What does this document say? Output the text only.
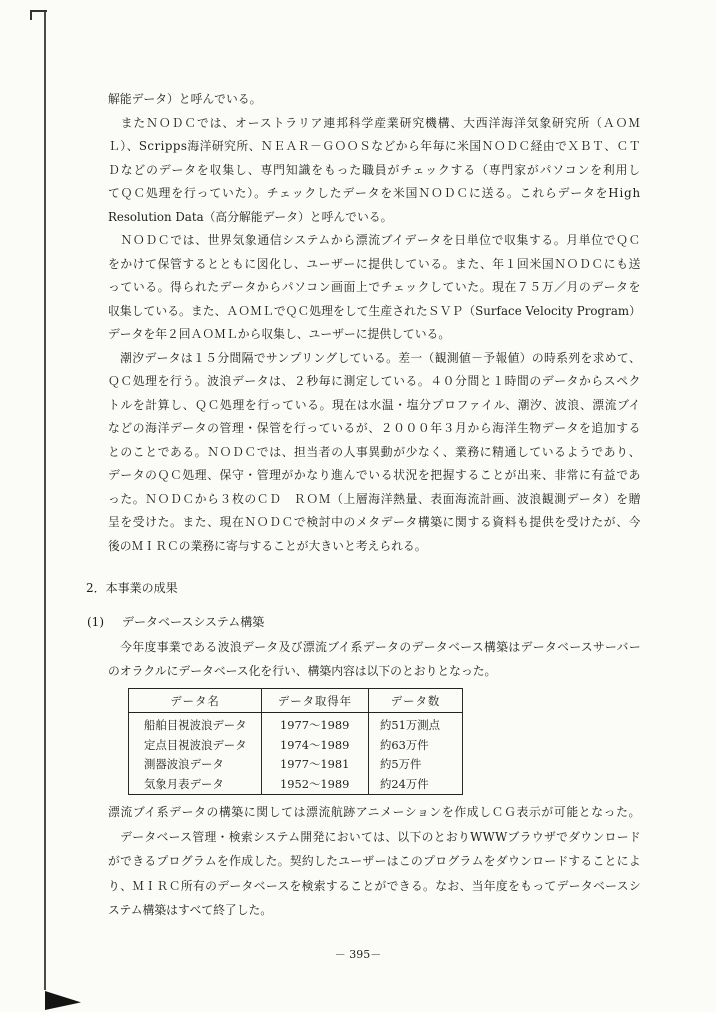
解能データ）と呼んでいる。
　またＮＯＤＣでは、オーストラリア連邦科学産業研究機構、大西洋海洋気象研究所（ＡＯＭ
Ｌ）、Scripps海洋研究所、ＮＥＡＲ－ＧＯＯＳなどから年毎に米国ＮＯＤＣ経由でＸＢＴ、ＣＴ
Ｄなどのデータを収集し、専門知識をもった職員がチェックする（専門家がパソコンを利用し
てＱＣ処理を行っていた）。チェックしたデータを米国ＮＯＤＣに送る。これらデータをHigh
Resolution Data（高分解能データ）と呼んでいる。
　ＮＯＤＣでは、世界気象通信システムから漂流ブイデータを日単位で収集する。月単位でＱＣ
をかけて保管するとともに図化し、ユーザーに提供している。また、年１回米国ＮＯＤＣにも送
っている。得られたデータからパソコン画面上でチェックしていた。現在７５万／月のデータを
収集している。また、ＡＯＭＬでＱＣ処理をして生産されたＳＶＰ（Surface Velocity Program）
データを年２回ＡＯＭＬから収集し、ユーザーに提供している。
　潮汐データは１５分間隔でサンプリングしている。差一（観測値－予報値）の時系列を求めて、
ＱＣ処理を行う。波浪データは、２秒毎に測定している。４０分間と１時間のデータからスペク
トルを計算し、ＱＣ処理を行っている。現在は水温・塩分プロファイル、潮汐、波浪、漂流ブイ
などの海洋データの管理・保管を行っているが、２０００年３月から海洋生物データを追加する
とのことである。ＮＯＤＣでは、担当者の人事異動が少なく、業務に精通しているようであり、
データのＱＣ処理、保守・管理がかなり進んでいる状況を把握することが出来、非常に有益であ
った。ＮＯＤＣから３枚のＣＤ　ＲＯＭ（上層海洋熱量、表面海流計画、波浪観測データ）を贈
呈を受けた。また、現在ＮＯＤＣで検討中のメタデータ構築に関する資料も提供を受けたが、今
後のＭＩＲＣの業務に寄与することが大きいと考えられる。
2．本事業の成果
(1) データベースシステム構築
　今年度事業である波浪データ及び漂流ブイ系データのデータベース構築はデータベースサーバー
のオラクルにデータベース化を行い、構築内容は以下のとおりとなった。
データ名	データ取得年	データ数
船舶目視波浪データ	1977～1989	約51万測点
定点目視波浪データ	1974～1989	約63万件
測器波浪データ	1977～1981	約5万件
気象月表データ	1952～1989	約24万件
漂流ブイ系データの構築に関しては漂流航跡アニメーションを作成しＣＧ表示が可能となった。
　データベース管理・検索システム開発においては、以下のとおりWWWブラウザでダウンロード
ができるプログラムを作成した。契約したユーザーはこのプログラムをダウンロードすることによ
り、ＭＩＲＣ所有のデータベースを検索することができる。なお、当年度をもってデータベースシ
ステム構築はすべて終了した。
－ 395－
